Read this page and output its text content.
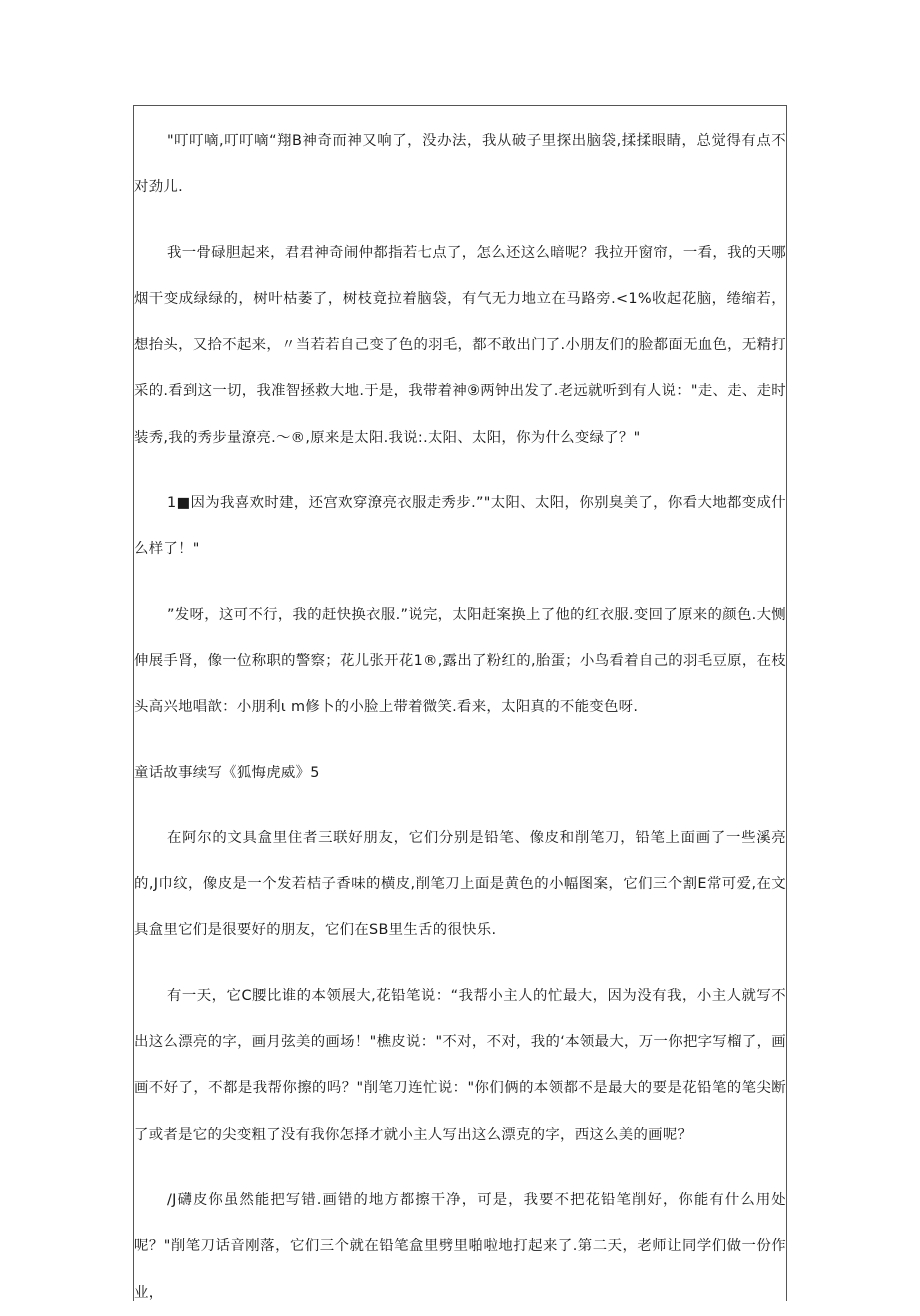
"叮叮嘀,叮叮嘀“翔B神奇而神又响了，没办法，我从破子里探出脑袋,揉揉眼睛，总觉得有点不对劲儿.

我一骨碌胆起来，君君神奇闹仲都指若七点了，怎么还这么暗呢？我拉开窗帘，一看，我的天哪烟干变成绿绿的，树叶枯萎了，树枝竟拉着脑袋，有气无力地立在马路旁.<1%收起花脑，绻缩若，想抬头，又拾不起来，〃当若若自己变了色的羽毛，都不敢出门了.小朋友们的脸都面无血色，无精打采的.看到这一切，我准智拯救大地.于是，我带着神⑨两钟出发了.老远就听到有人说："走、走、走时装秀,我的秀步量潦亮.〜®,原来是太阳.我说:.太阳、太阳，你为什么变绿了？"

1■因为我喜欢时建，还宫欢穿潦亮衣服走秀步.”"太阳、太阳，你别臭美了，你看大地都变成什么样了！"

”发呀，这可不行，我的赶快换衣服.”说完，太阳赶案换上了他的红衣服.变回了原来的颜色.大恻伸展手肾，像一位称职的警察；花儿张开花1®,露出了粉红的,胎蛋；小鸟看着自己的羽毛豆原，在枝头高兴地唱歆：小朋利ι m修卜的小脸上带着微笑.看来，太阳真的不能变色呀.

童话故事续写《狐悔虎威》5

在阿尔的文具盒里住者三联好朋友，它们分别是铅笔、像皮和削笔刀，铅笔上面画了一些溪亮的,J巾纹，像皮是一个发若桔子香味的横皮,削笔刀上面是黄色的小幅图案，它们三个割E常可爱,在文具盒里它们是很要好的朋友，它们在SB里生舌的很快乐.

有一天，它C腰比谁的本领展大,花铅笔说：“我帮小主人的忙最大，因为没有我，小主人就写不出这么漂亮的字，画月弦美的画场！"樵皮说："不对，不对，我的‘本领最大，万一你把字写榴了，画画不好了，不都是我帮你擦的吗？"削笔刀连忙说："你们俩的本领都不是最大的要是花铅笔的笔尖断了或者是它的尖变粗了没有我你怎择才就小主人写出这么漂克的字，西这么美的画呢？

/J礴皮你虽然能把写错.画错的地方都擦干净，可是，我要不把花铅笔削好，你能有什么用处呢？"削笔刀话音刚落，它们三个就在铅笔盒里劈里啪啦地打起来了.第二天，老师让同学们做一份作业，
